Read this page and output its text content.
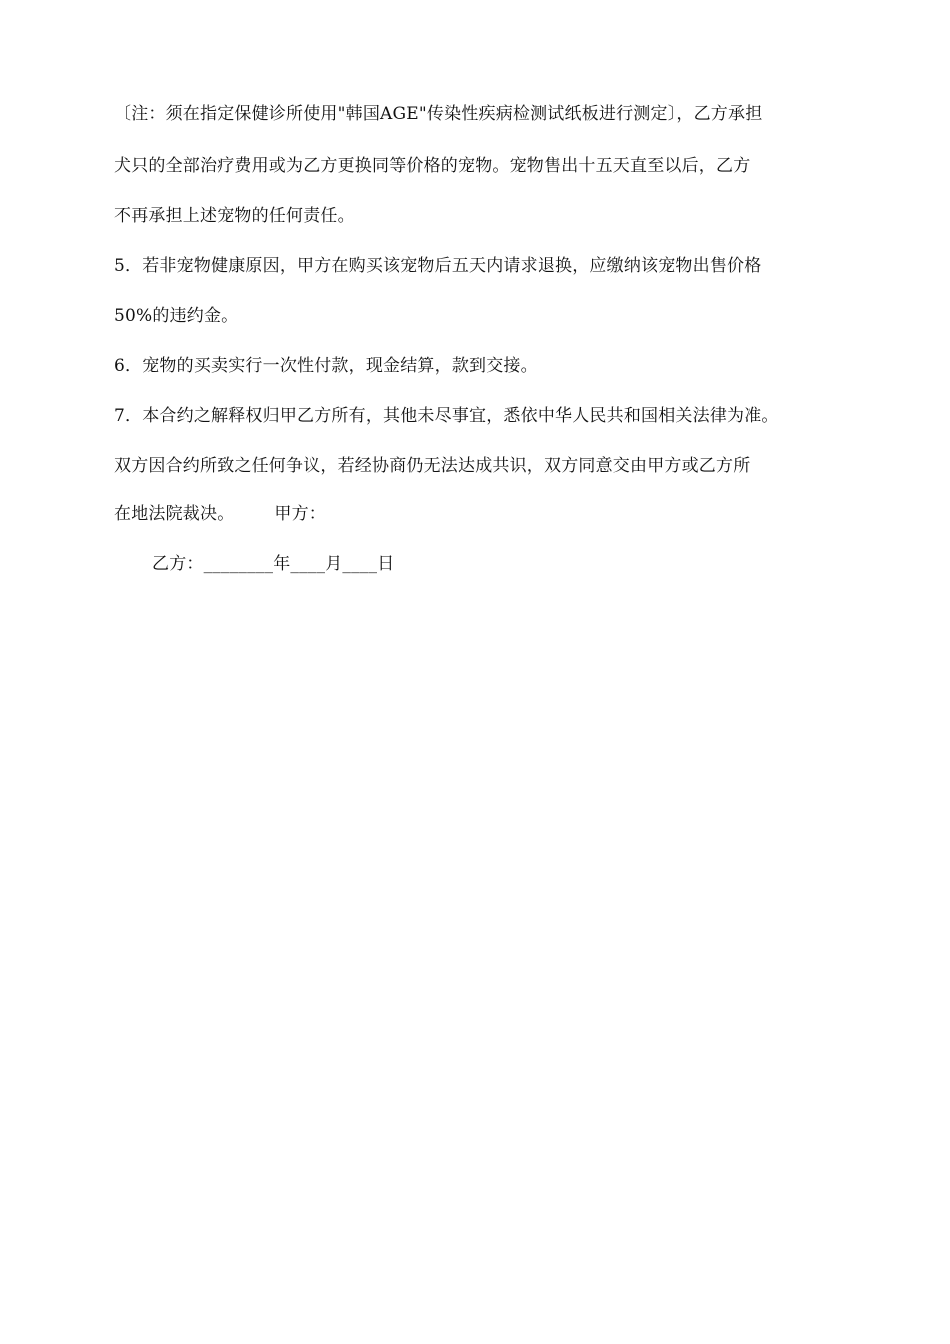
〔注：须在指定保健诊所使用"韩国AGE"传染性疾病检测试纸板进行测定〕，乙方承担
犬只的全部治疗费用或为乙方更换同等价格的宠物。宠物售出十五天直至以后，乙方
不再承担上述宠物的任何责任。
5．若非宠物健康原因，甲方在购买该宠物后五天内请求退换，应缴纳该宠物出售价格
50%的违约金。
6．宠物的买卖实行一次性付款，现金结算，款到交接。
7．本合约之解释权归甲乙方所有，其他未尽事宜，悉依中华人民共和国相关法律为准。
双方因合约所致之任何争议，若经协商仍无法达成共识，双方同意交由甲方或乙方所
在地法院裁决。 甲方：
乙方：________年____月____日
